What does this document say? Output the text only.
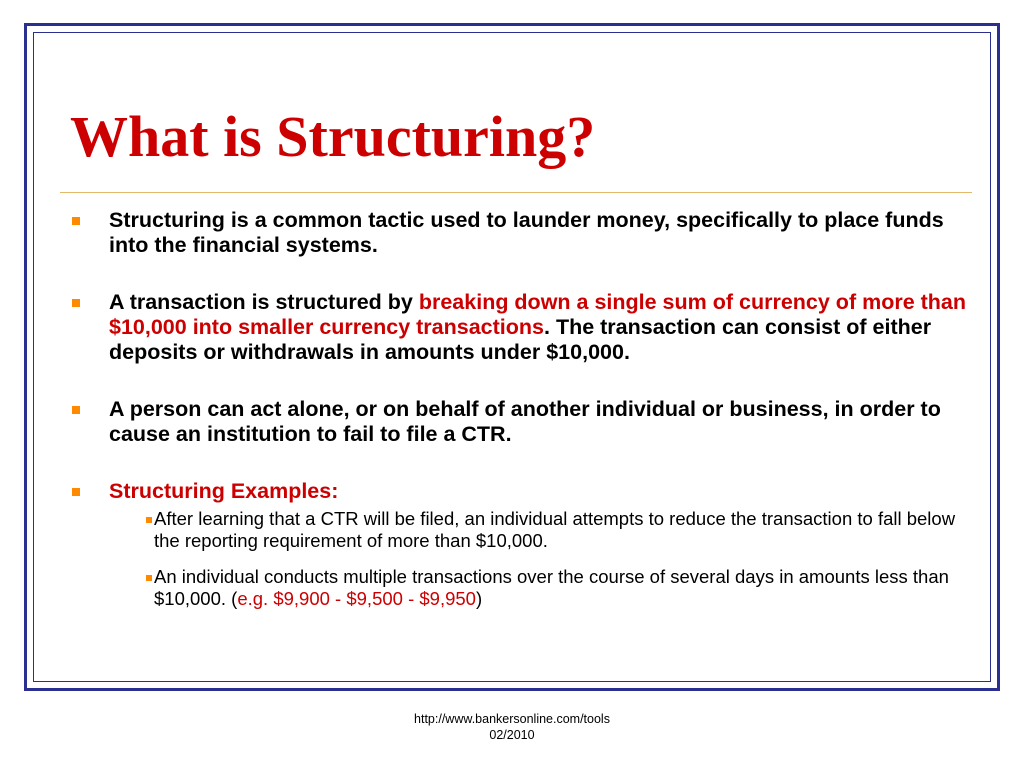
What is Structuring?
Structuring is a common tactic used to launder money, specifically to place funds into the financial systems.
A transaction is structured by breaking down a single sum of currency of more than $10,000 into smaller currency transactions. The transaction can consist of either deposits or withdrawals in amounts under $10,000.
A person can act alone, or on behalf of another individual or business, in order to cause an institution to fail to file a CTR.
Structuring Examples:
After learning that a CTR will be filed, an individual attempts to reduce the transaction to fall below the reporting requirement of more than $10,000.
An individual conducts multiple transactions over the course of several days in amounts less than $10,000. (e.g. $9,900 - $9,500 - $9,950)
http://www.bankersonline.com/tools
02/2010
